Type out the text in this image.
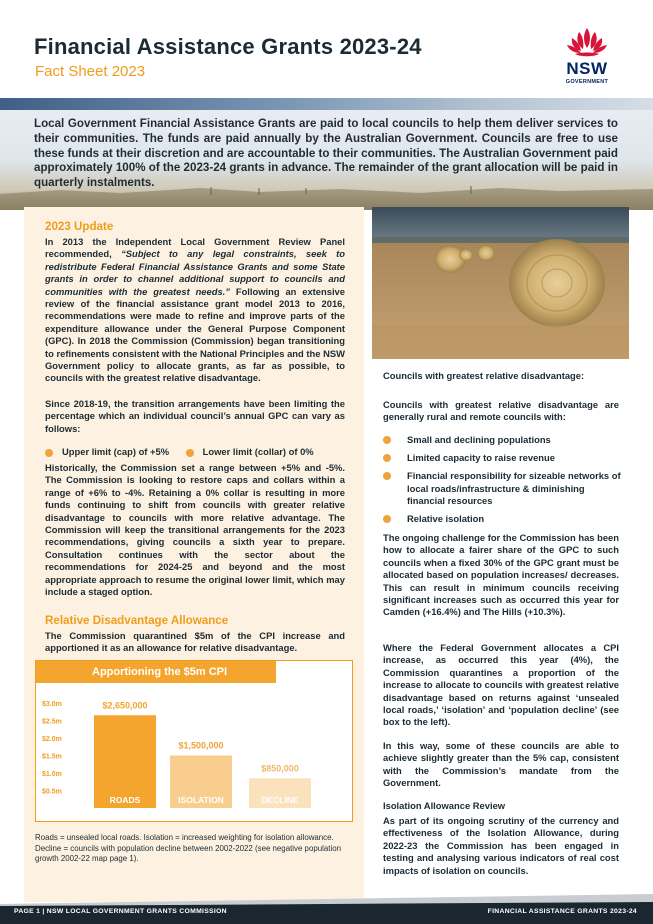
Financial Assistance Grants 2023-24
Fact Sheet 2023	NSW
GOVERNMENT
Local Government Financial Assistance Grants are paid to local councils to help them deliver services to their communities. The funds are paid annually by the Australian Government. Councils are free to use these funds at their discretion and are accountable to their communities. The Australian Government paid approximately 100% of the 2023-24 grants in advance. The remainder of the grant allocation will be paid in quarterly instalments.
2023 Update
In 2013 the Independent Local Government Review Panel recommended, “Subject to any legal constraints, seek to redistribute Federal Financial Assistance Grants and some State grants in order to channel additional support to councils and communities with the greatest needs.” Following an extensive review of the financial assistance grant model 2013 to 2016, recommendations were made to refine and improve parts of the expenditure allowance under the General Purpose Component (GPC). In 2018 the Commission (Commission) began transitioning to refinements consistent with the National Principles and the NSW Government policy to allocate grants, as far as possible, to councils with the greatest relative disadvantage.
Since 2018-19, the transition arrangements have been limiting the percentage which an individual council’s annual GPC can vary as follows:
Upper limit (cap) of +5%	Lower limit (collar) of 0%
Historically, the Commission set a range between +5% and -5%. The Commission is looking to restore caps and collars within a range of +6% to -4%. Retaining a 0% collar is resulting in more funds continuing to shift from councils with greater relative disadvantage to councils with more relative advantage. The Commission will keep the transitional arrangements for the 2023 recommendations, giving councils a sixth year to prepare. Consultation continues with the sector about the recommendations for 2024-25 and beyond and the most appropriate approach to resume the original lower limit, which may include a staged option.
Relative Disadvantage Allowance
The Commission quarantined $5m of the CPI increase and apportioned it as an allowance for relative disadvantage.
$0.5m
$1.0m
$1.5m
$2.0m
$2.5m
$3.0m	$2,650,000
ROADS
$1,500,000
ISOLATION
$850,000
DECLINE
Apportioning the $5m CPI
Roads = unsealed local roads. Isolation = increased weighting for isolation allowance. Decline = councils with population decline between 2002-2022 (see negative population growth 2002-22 map page 1).
Councils with greatest relative disadvantage:
Councils with greatest relative disadvantage are generally rural and remote councils with:
Small and declining populations
Limited capacity to raise revenue
Financial responsibility for sizeable networks of local roads/infrastructure & diminishing financial resources
Relative isolation
The ongoing challenge for the Commission has been how to allocate a fairer share of the GPC to such councils when a fixed 30% of the GPC grant must be allocated based on population increases/ decreases. This can result in minimum councils receiving significant increases such as occurred this year for Camden (+16.4%) and The Hills (+10.3%).
Where the Federal Government allocates a CPI increase, as occurred this year (4%), the Commission quarantines a proportion of the increase to allocate to councils with greatest relative disadvantage based on returns against ‘unsealed local roads,’ ‘isolation’ and ‘population decline’ (see box to the left).
In this way, some of these councils are able to achieve slightly greater than the 5% cap, consistent with the Commission’s mandate from the Government.
Isolation Allowance Review
As part of its ongoing scrutiny of the currency and effectiveness of the Isolation Allowance, during 2022-23 the Commission has been engaged in testing and analysing various indicators of real cost impacts of isolation on councils.
PAGE 1 | NSW LOCAL GOVERNMENT GRANTS COMMISSION	FINANCIAL ASSISTANCE GRANTS 2023-24
